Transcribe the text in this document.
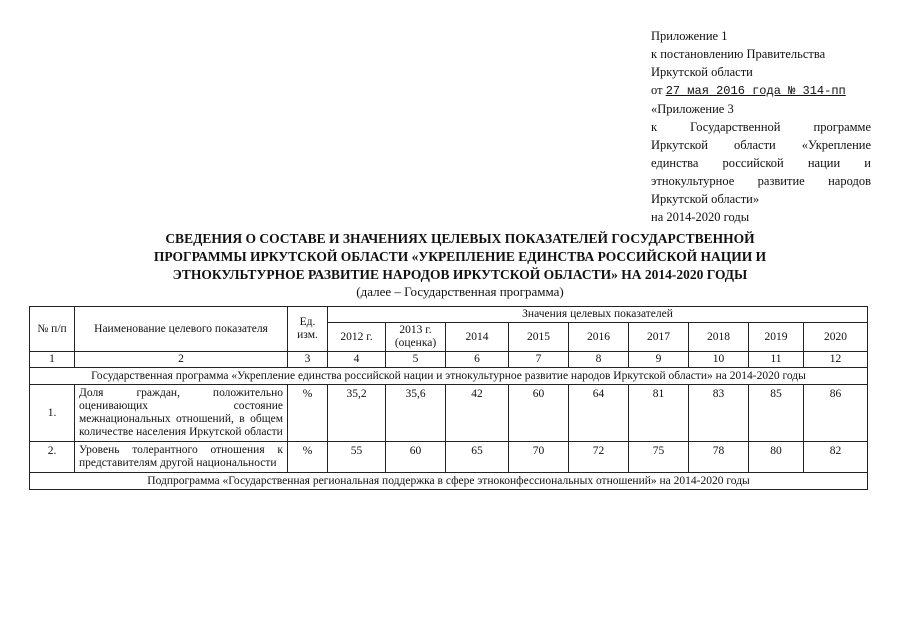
Приложение 1
к постановлению Правительства
Иркутской области
от 27 мая 2016 года № 314-пп
«Приложение 3
к Государственной программе Иркутской области «Укрепление единства российской нации и этнокультурное развитие народов Иркутской области»
на 2014-2020 годы
СВЕДЕНИЯ О СОСТАВЕ И ЗНАЧЕНИЯХ ЦЕЛЕВЫХ ПОКАЗАТЕЛЕЙ ГОСУДАРСТВЕННОЙ
ПРОГРАММЫ ИРКУТСКОЙ ОБЛАСТИ «УКРЕПЛЕНИЕ ЕДИНСТВА РОССИЙСКОЙ НАЦИИ И
ЭТНОКУЛЬТУРНОЕ РАЗВИТИЕ НАРОДОВ ИРКУТСКОЙ ОБЛАСТИ» НА 2014-2020 ГОДЫ
(далее – Государственная программа)
№ п/п	Наименование целевого показателя	Ед. изм.	Значения целевых показателей								
			2012 г.	2013 г. (оценка)	2014	2015	2016	2017	2018	2019	2020
1	2	3	4	5	6	7	8	9	10	11	12
Государственная программа «Укрепление единства российской нации и этнокультурное развитие народов Иркутской области» на 2014-2020 годы											
1.	Доля граждан, положительно оценивающих состояние межнациональных отношений, в общем количестве населения Иркутской области	%	35,2	35,6	42	60	64	81	83	85	86
2.	Уровень толерантного отношения к представителям другой национальности	%	55	60	65	70	72	75	78	80	82
Подпрограмма «Государственная региональная поддержка в сфере этноконфессиональных отношений» на 2014-2020 годы											
